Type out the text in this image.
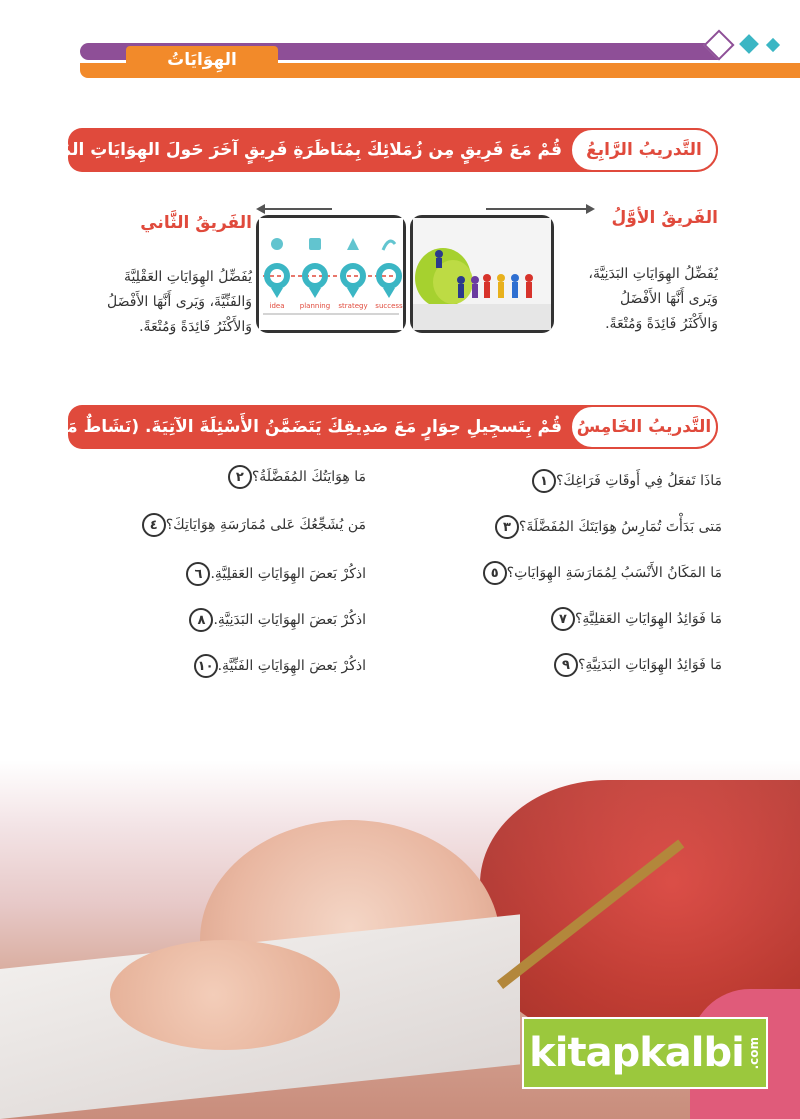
الهِوَايَاتُ
التَّدريبُ الرَّابِعُ
قُمْ مَعَ فَرِيقٍ مِن زُمَلائِكَ بِمُنَاظَرَةِ فَرِيقٍ آخَرَ حَولَ الهِوَايَاتِ المُفَضَّلَةِ
الفَريقُ الأوَّلُ
يُفَضِّلُ الهِوَايَاتِ البَدَنِيَّةَ،
وَيَرى أَنَّهَا الأَفْضَلُ
وَالأَكْثَرُ فَائِدَةً وَمُتْعَةً.
الفَريقُ الثَّاني
يُفَضِّلُ الهِوَايَاتِ العَقْلِيَّةَ
وَالفَنِّيَّةَ، وَيَرى أَنَّهَا الأَفْضَلُ
وَالأَكْثَرُ فَائِدَةً وَمُتْعَةً.
idea planning strategy success
التَّدريبُ الخَامِسُ
قُمْ بِتَسجِيلِ حِوَارٍ مَعَ صَدِيقِكَ يَتَضَمَّنُ الأَسْئِلَةَ الآتِيَةَ. (نَشَاطٌ مَنزِليٌّ)
١ مَاذَا تَفعَلُ فِي أَوقَاتِ فَرَاغِكَ؟
٣ مَتى بَدَأْتَ تُمَارِسُ هِوَايَتَكَ المُفَضَّلَةَ؟
٥ مَا المَكَانُ الأَنْسَبُ لِمُمَارَسَةِ الهِوَايَاتِ؟
٧ مَا فَوَائِدُ الهِوَايَاتِ العَقلِيَّةِ؟
٩ مَا فَوَائِدُ الهِوَايَاتِ البَدَنِيَّةِ؟
٢ مَا هِوَايَتُكَ المُفَضَّلَةُ؟
٤ مَن يُشَجِّعُكَ عَلى مُمَارَسَةِ هِوَايَاتِكَ؟
٦ اذكُرْ بَعضَ الهِوَايَاتِ العَقلِيَّةِ.
٨ اذكُرْ بَعضَ الهِوَايَاتِ البَدَنِيَّةِ.
١٠ اذكُرْ بَعضَ الهِوَايَاتِ الفَنِّيَّةِ.
kitapkalbi .com
